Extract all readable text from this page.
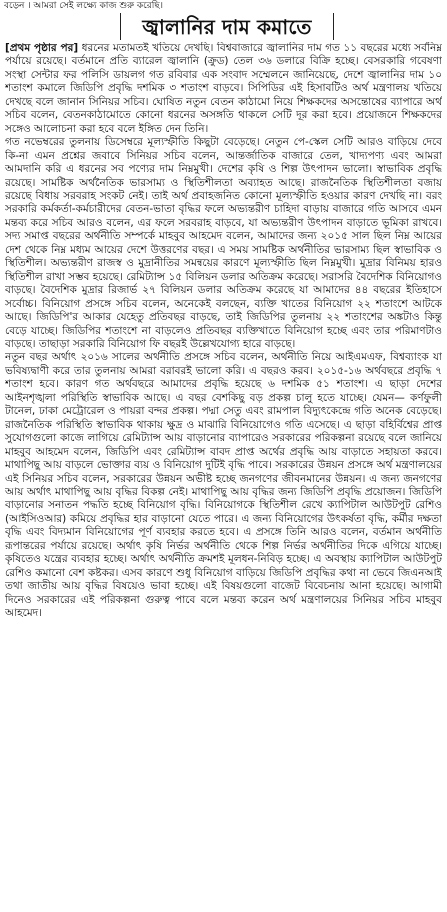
বড়েন । আমরা সেই লক্ষ্যে কাজ শুরু করেছি।
জ্বালানির দাম কমাতে

[প্রথম পৃষ্ঠার পর] ধরনের মতামতই খতিয়ে দেখছি। বিশ্ববাজারে জ্বালানির দাম গত ১১ বছরের মধ্যে সর্বনিম্ন পর্যায়ে রয়েছে। বর্তমানে প্রতি ব্যারেল জ্বালানি (ক্রুড) তেল ৩৬ ডলারে বিক্রি হচ্ছে। বেসরকারি গবেষণা সংস্থা সেন্টার ফর পলিসি ডায়লগ গত রবিবার এক সংবাদ সম্মেলনে জানিয়েছে, দেশে জ্বালানির দাম ১০ শতাংশ কমালে জিডিপি প্রবৃদ্ধি দশমিক ৩ শতাংশ বাড়বে। সিপিডির এই হিসাবটিও অর্থ মন্ত্রণালয় খতিয়ে দেখছে বলে জানান সিনিয়র সচিব। ঘোষিত নতুন বেতন কাঠামো নিয়ে শিক্ষকদের অসন্তোষের ব্যাপারে অর্থ সচিব বলেন, বেতনকাঠামোতে কোনো ধরনের অসঙ্গতি থাকলে সেটি দূর করা হবে। প্রয়োজনে শিক্ষকদের সঙ্গেও আলোচনা করা হবে বলে ইঙ্গিত দেন তিনি।

গত নভেম্বরের তুলনায় ডিসেম্বরে মূল্যস্ফীতি কিছুটা বেড়েছে। নেতুন পে-স্কেল সেটি আরও বাড়িয়ে দেবে কি-না এমন প্রশ্নের জবাবে সিনিয়র সচিব বলেন, আন্তর্জাতিক বাজারে তেল, খাদ্যপণ্য এবং আমরা আমদানি করি এ ধরনের সব পণ্যের দাম নিম্নমুখী। দেশের কৃষি ও শিল্প উৎপাদন ভালো। স্বাভাবিক প্রবৃদ্ধি রয়েছে। সামষ্টিক অর্থনৈতিক ভারসাম্য ও স্থিতিশীলতা অব্যাহত আছে। রাজনৈতিক স্থিতিশীলতা বজায় রয়েছে বিধায় সরবরাহ সংকট নেই। তাই অর্থ প্রবাহজনিত কোনো মূল্যস্ফীতি হওয়ার কারণ দেখছি না। বরং সরকারি কর্মকর্তা-কর্মচারীদের বেতন-ভাতা বৃদ্ধির ফলে অভ্যন্তরীণ চাহিদা বাড়ায় বাজারে গতি আসবে এমন মন্তব্য করে সচিব আরও বলেন, এর ফলে সরবরাহ বাড়বে, যা অভ্যন্তরীণ উৎপাদন বাড়াতে ভূমিকা রাখবে। সদ্য সমাপ্ত বছরের অর্থনীতি সম্পর্কে মাহবুব আহমেদ বলেন, আমাদের জন্য ২০১৫ সাল ছিল নিম্ন আয়ের দেশ থেকে নিম্ন মধ্যম আয়ের দেশে উত্তরণের বছর। এ সময় সামষ্টিক অর্থনীতির ভারসাম্য ছিল স্বাভাবিক ও স্থিতিশীল। অভ্যন্তরীণ রাজস্ব ও মুদ্রানীতির সমন্বয়ের কারণে মূল্যস্ফীতি ছিল নিম্নমুখী। মুদ্রার বিনিময় হারও স্থিতিশীল রাখা সম্ভব হয়েছে। রেমিট্যান্স ১৫ বিলিয়ন ডলার অতিক্রম করেছে। সরাসরি বৈদেশিক বিনিয়োগও বাড়ছে। বৈদেশিক মুদ্রার রিজার্ভ ২৭ বিলিয়ন ডলার অতিক্রম করেছে যা আমাদের ৪৪ বছরের ইতিহাসে সর্বোচ্চ। বিনিয়োগ প্রসঙ্গে সচিব বলেন, অনেকেই বলছেন, ব্যক্তি খাতের বিনিয়োগ ২২ শতাংশে আটকে আছে। জিডিপি'র আকার যেহেতু প্রতিবছর বাড়ছে, তাই জিডিপির তুলনায় ২২ শতাংশের অঙ্কটাও কিন্তু বেড়ে যাচ্ছে। জিডিপির শতাংশে না বাড়লেও প্রতিবছর ব্যক্তিখাতে বিনিয়োগ হচ্ছে এবং তার পরিমাণটাও বাড়ছে। তাছাড়া সরকারি বিনিয়োগ ফি বছরই উল্লেখযোগ্য হারে বাড়ছে।

নতুন বছর অর্থাৎ ২০১৬ সালের অর্থনীতি প্রসঙ্গে সচিব বলেন, অর্থনীতি নিয়ে আইএমএফ, বিশ্বব্যাংক যা ভবিষ্যদ্বাণী করে তার তুলনায় আমরা বরাবরই ভালো করি। এ বছরও করব। ২০১৫-১৬ অর্থবছরে প্রবৃদ্ধি ৭ শতাংশ হবে। কারণ গত অর্থবছরে আমাদের প্রবৃদ্ধি হয়েছে ৬ দশমিক ৫১ শতাংশ। এ ছাড়া দেশের আইনশৃঙ্খলা পরিস্থিতি স্বাভাবিক আছে। এ বছর বেশকিছু বড় প্রকল্প চালু হতে যাচ্ছে। যেমন— কর্ণফুলী টানেল, ঢাকা মেট্রোরেল ও পায়রা বন্দর প্রকল্প। পদ্মা সেতু এবং রামপাল বিদ্যুৎকেন্দ্রে গতি অনেক বেড়েছে। রাজনৈতিক পরিস্থিতি স্বাভাবিক থাকায় ক্ষুদ্র ও মাঝারি বিনিয়োগেও গতি এসেছে। এ ছাড়া বহির্বিশ্বের প্রাপ্ত সুযোগগুলো কাজে লাগিয়ে রেমিট্যান্স আয় বাড়ানোর ব্যাপারেও সরকারের পরিকল্পনা রয়েছে বলে জানিয়ে মাহবুব আহমেদ বলেন, জিডিপি এবং রেমিট্যান্স বাবদ প্রাপ্ত অর্থের প্রবৃদ্ধি আয় বাড়াতে সহায়তা করবে। মাথাপিছু আয় বাড়লে ভোক্তার ব্যয় ও বিনিয়োগ দুটিই বৃদ্ধি পাবে। সরকারের উন্নয়ন প্রসঙ্গে অর্থ মন্ত্রণালয়ের এই সিনিয়র সচিব বলেন, সরকারের উন্নয়ন অভীষ্ট হচ্ছে জনগণের জীবনমানের উন্নয়ন। এ জন্য জনগণের আয় অর্থাৎ মাথাপিছু আয় বৃদ্ধির বিকল্প নেই। মাথাপিছু আয় বৃদ্ধির জন্য জিডিপি প্রবৃদ্ধি প্রয়োজন। জিডিপি বাড়ানোর সনাতন পদ্ধতি হচ্ছে বিনিয়োগ বৃদ্ধি। বিনিয়োগকে স্থিতিশীল রেখে ক্যাপিটাল আউটপুট রেশিও (আইসিওআর) কমিয়ে প্রবৃদ্ধির হার বাড়ানো যেতে পারে। এ জন্য বিনিয়োগের উৎকর্ষতা বৃদ্ধি, কর্মীর দক্ষতা বৃদ্ধি এবং বিদ্যমান বিনিয়োগের পূর্ণ ব্যবহার করতে হবে। এ প্রসঙ্গে তিনি আরও বলেন, বর্তমান অর্থনীতি রূপান্তরের পর্যায়ে রয়েছে। অর্থাৎ কৃষি নির্ভর অর্থনীতি থেকে শিল্প নির্ভর অর্থনীতির দিকে এগিয়ে যাচ্ছে। কৃষিতেও যন্ত্রের ব্যবহার হচ্ছে। অর্থাৎ অর্থনীতি ক্রমশই মূলধন-নিবিড় হচ্ছে। এ অবস্থায় ক্যাপিটাল আউটপুট রেশিও কমানো বেশ কষ্টকর। এসব কারণে শুধু বিনিয়োগ বাড়িয়ে জিডিপি প্রবৃদ্ধির কথা না ভেবে জিএনআই তথা জাতীয় আয় বৃদ্ধির বিষয়েও ভাবা হচ্ছে। এই বিষয়গুলো বাজেট বিবেচনায় আনা হয়েছে। আগামী দিনেও সরকারের এই পরিকল্পনা গুরুত্ব পাবে বলে মন্তব্য করেন অর্থ মন্ত্রণালয়ের সিনিয়র সচিব মাহবুব আহমেদ।
